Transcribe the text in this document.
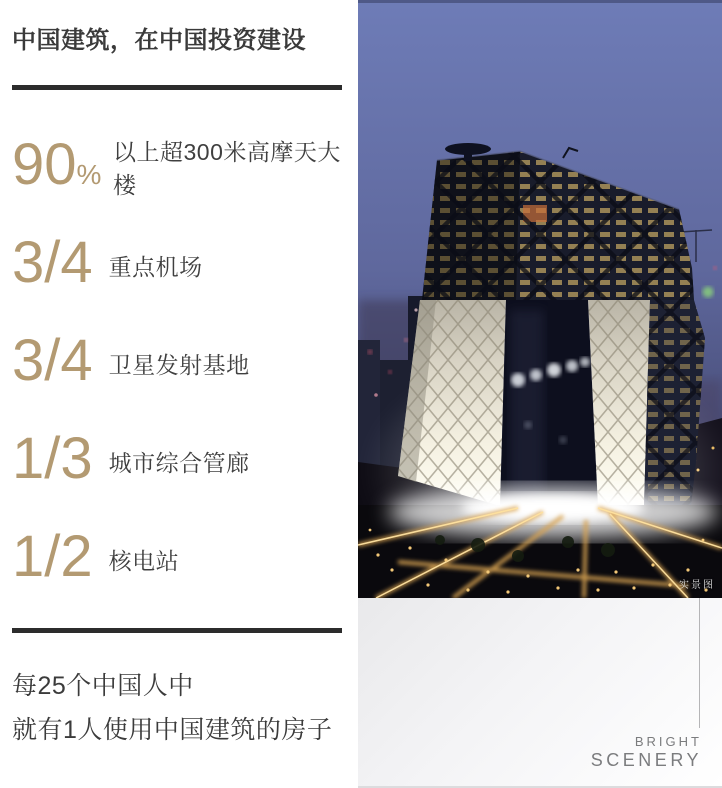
中国建筑，在中国投资建设
90%
以上超300米高摩天大楼
3/4 重点机场
3/4 卫星发射基地
1/3 城市综合管廊
1/2 核电站
每25个中国人中
就有1人使用中国建筑的房子
实景图
BRIGHT
SCENERY
